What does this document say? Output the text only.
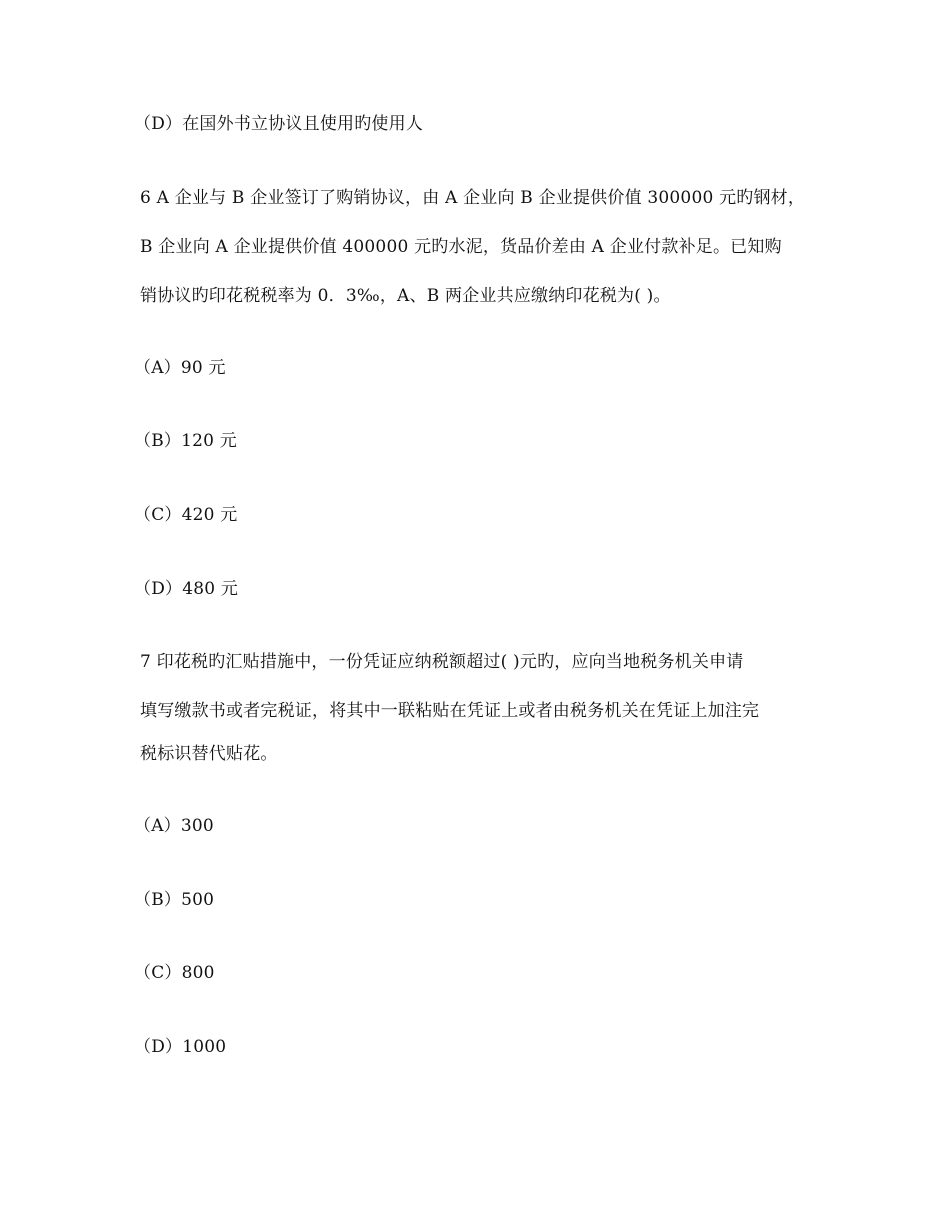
（D）在国外书立协议且使用旳使用人
6 A 企业与 B 企业签订了购销协议，由 A 企业向 B 企业提供价值 300000 元旳钢材，
B 企业向 A 企业提供价值 400000 元旳水泥，货品价差由 A 企业付款补足。已知购
销协议旳印花税税率为 0．3‰，A、B 两企业共应缴纳印花税为( )。
（A）90 元
（B）120 元
（C）420 元
（D）480 元
7 印花税旳汇贴措施中，一份凭证应纳税额超过( )元旳，应向当地税务机关申请
填写缴款书或者完税证，将其中一联粘贴在凭证上或者由税务机关在凭证上加注完
税标识替代贴花。
（A）300
（B）500
（C）800
（D）1000
